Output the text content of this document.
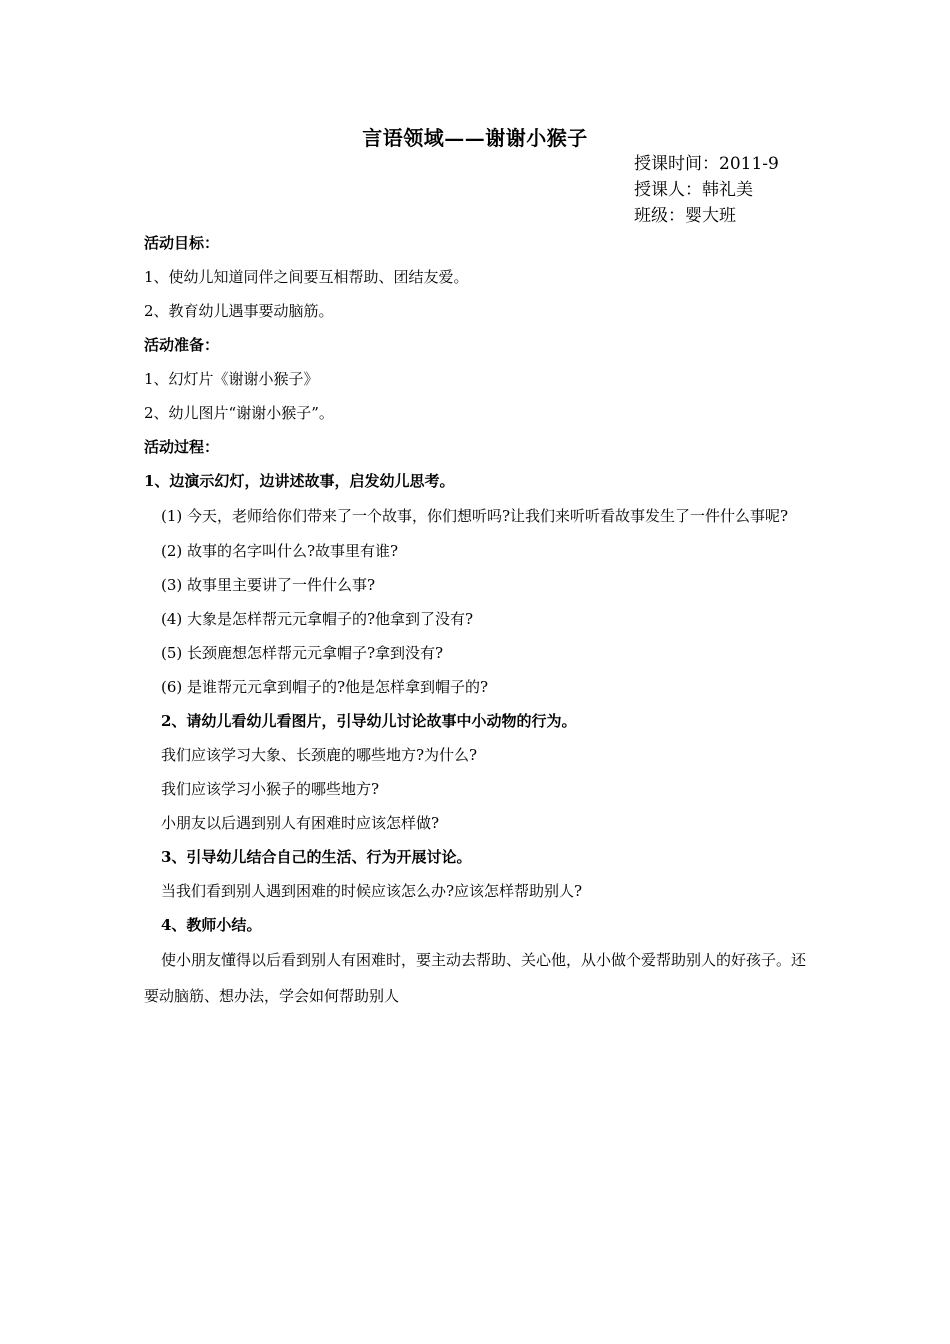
言语领域——谢谢小猴子
授课时间：2011-9
授课人：韩礼美
班级：婴大班
活动目标：
1、使幼儿知道同伴之间要互相帮助、团结友爱。
2、教育幼儿遇事要动脑筋。
活动准备：
1、幻灯片《谢谢小猴子》
2、幼儿图片“谢谢小猴子”。
活动过程：
1、边演示幻灯，边讲述故事，启发幼儿思考。
(1) 今天，老师给你们带来了一个故事，你们想听吗?让我们来听听看故事发生了一件什么事呢?
(2) 故事的名字叫什么?故事里有谁?
(3) 故事里主要讲了一件什么事?
(4) 大象是怎样帮元元拿帽子的?他拿到了没有?
(5) 长颈鹿想怎样帮元元拿帽子?拿到没有?
(6) 是谁帮元元拿到帽子的?他是怎样拿到帽子的?
2、请幼儿看幼儿看图片，引导幼儿讨论故事中小动物的行为。
我们应该学习大象、长颈鹿的哪些地方?为什么?
我们应该学习小猴子的哪些地方?
小朋友以后遇到别人有困难时应该怎样做?
3、引导幼儿结合自己的生活、行为开展讨论。
当我们看到别人遇到困难的时候应该怎么办?应该怎样帮助别人?
4、教师小结。
使小朋友懂得以后看到别人有困难时，要主动去帮助、关心他，从小做个爱帮助别人的好孩子。还要动脑筋、想办法，学会如何帮助别人
